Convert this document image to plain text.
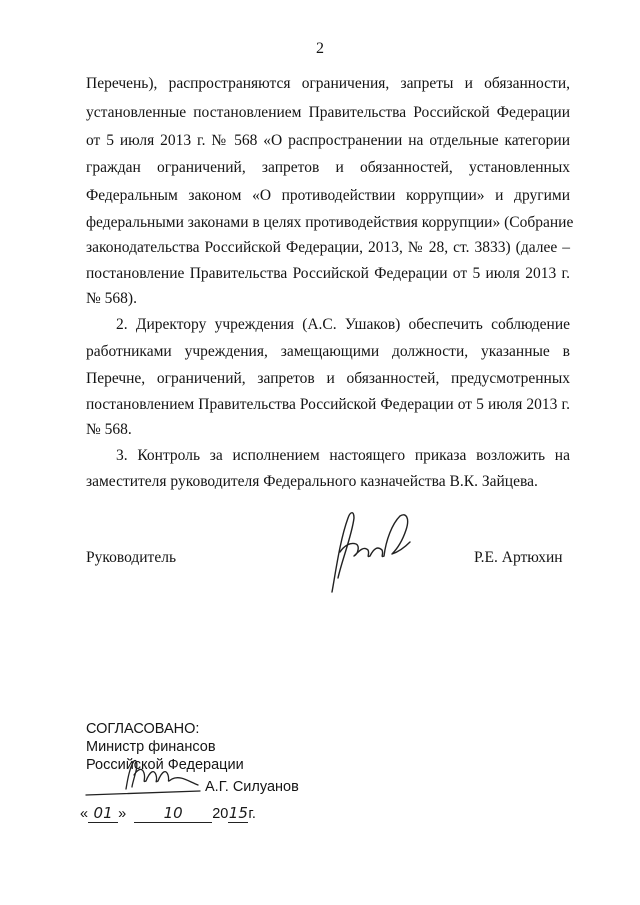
2
Перечень), распространяются ограничения, запреты и обязанности,
установленные постановлением Правительства Российской Федерации
от 5 июля 2013 г. № 568 «О распространении на отдельные категории
граждан ограничений, запретов и обязанностей, установленных
Федеральным законом «О противодействии коррупции» и другими
федеральными законами в целях противодействия коррупции» (Собрание
законодательства Российской Федерации, 2013, № 28, ст. 3833) (далее –
постановление Правительства Российской Федерации от 5 июля 2013 г.
№ 568).
2. Директору учреждения (А.С. Ушаков) обеспечить соблюдение
работниками учреждения, замещающими должности, указанные в
Перечне, ограничений, запретов и обязанностей, предусмотренных
постановлением Правительства Российской Федерации от 5 июля 2013 г.
№ 568.
3. Контроль за исполнением настоящего приказа возложить на
заместителя руководителя Федерального казначейства В.К. Зайцева.
Руководитель	Р.Е. Артюхин
СОГЛАСОВАНО:
Министр финансов
Российской Федерации
А.Г. Силуанов
« 01 » 10 2015г.
